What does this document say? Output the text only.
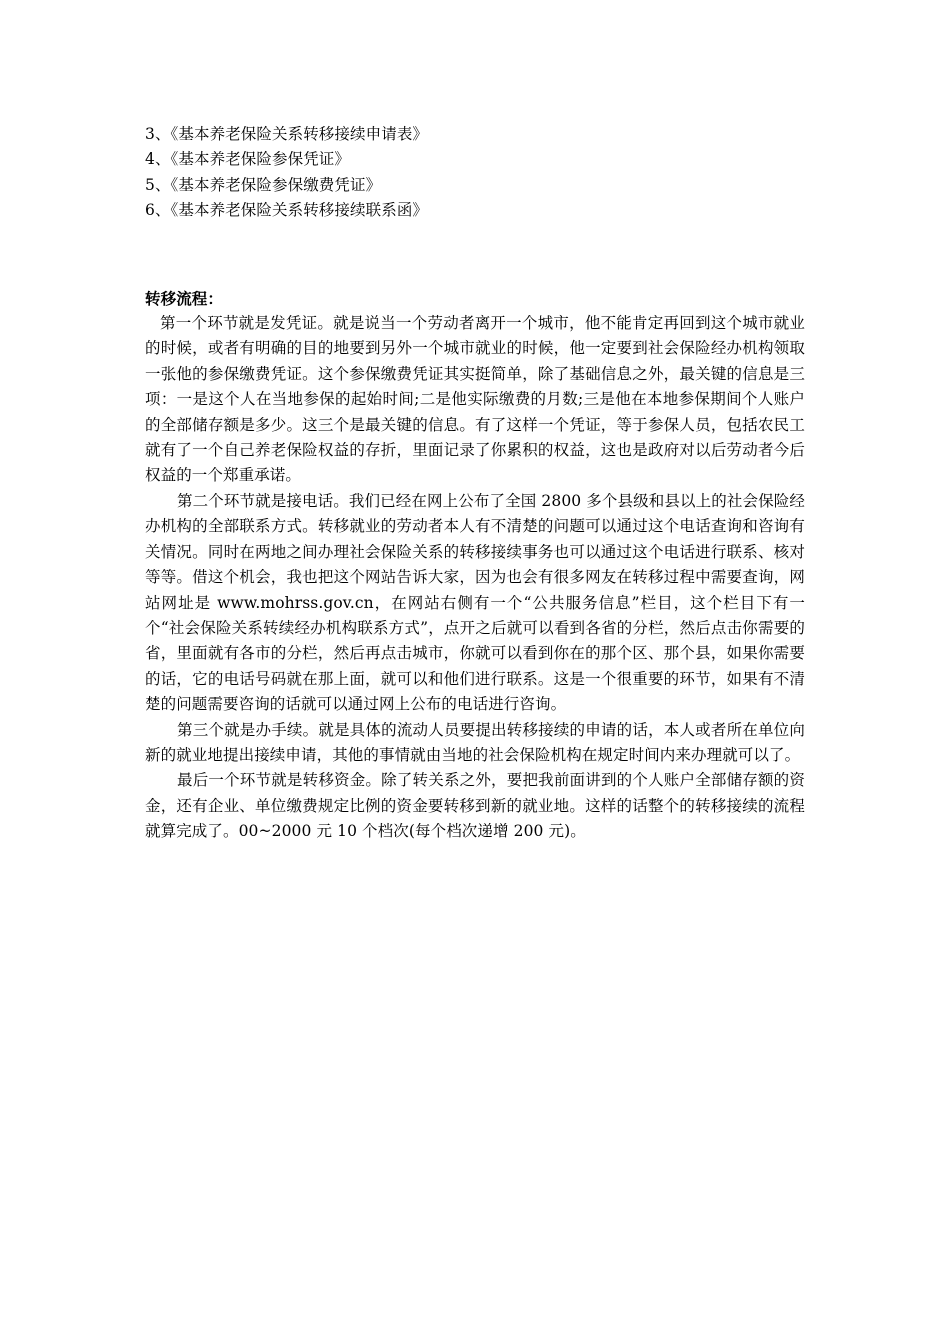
3、《基本养老保险关系转移接续申请表》
4、《基本养老保险参保凭证》
5、《基本养老保险参保缴费凭证》
6、《基本养老保险关系转移接续联系函》
转移流程：

第一个环节就是发凭证。就是说当一个劳动者离开一个城市，他不能肯定再回到这个城市就业的时候，或者有明确的目的地要到另外一个城市就业的时候，他一定要到社会保险经办机构领取一张他的参保缴费凭证。这个参保缴费凭证其实挺简单，除了基础信息之外，最关键的信息是三项：一是这个人在当地参保的起始时间;二是他实际缴费的月数;三是他在本地参保期间个人账户的全部储存额是多少。这三个是最关键的信息。有了这样一个凭证，等于参保人员，包括农民工就有了一个自己养老保险权益的存折，里面记录了你累积的权益，这也是政府对以后劳动者今后权益的一个郑重承诺。

第二个环节就是接电话。我们已经在网上公布了全国 2800 多个县级和县以上的社会保险经办机构的全部联系方式。转移就业的劳动者本人有不清楚的问题可以通过这个电话查询和咨询有关情况。同时在两地之间办理社会保险关系的转移接续事务也可以通过这个电话进行联系、核对等等。借这个机会，我也把这个网站告诉大家，因为也会有很多网友在转移过程中需要查询，网站网址是 www.mohrss.gov.cn，在网站右侧有一个“公共服务信息”栏目，这个栏目下有一个“社会保险关系转续经办机构联系方式”，点开之后就可以看到各省的分栏，然后点击你需要的省，里面就有各市的分栏，然后再点击城市，你就可以看到你在的那个区、那个县，如果你需要的话，它的电话号码就在那上面，就可以和他们进行联系。这是一个很重要的环节，如果有不清楚的问题需要咨询的话就可以通过网上公布的电话进行咨询。

第三个就是办手续。就是具体的流动人员要提出转移接续的申请的话，本人或者所在单位向新的就业地提出接续申请，其他的事情就由当地的社会保险机构在规定时间内来办理就可以了。

最后一个环节就是转移资金。除了转关系之外，要把我前面讲到的个人账户全部储存额的资金，还有企业、单位缴费规定比例的资金要转移到新的就业地。这样的话整个的转移接续的流程就算完成了。00~2000 元 10 个档次(每个档次递增 200 元)。
